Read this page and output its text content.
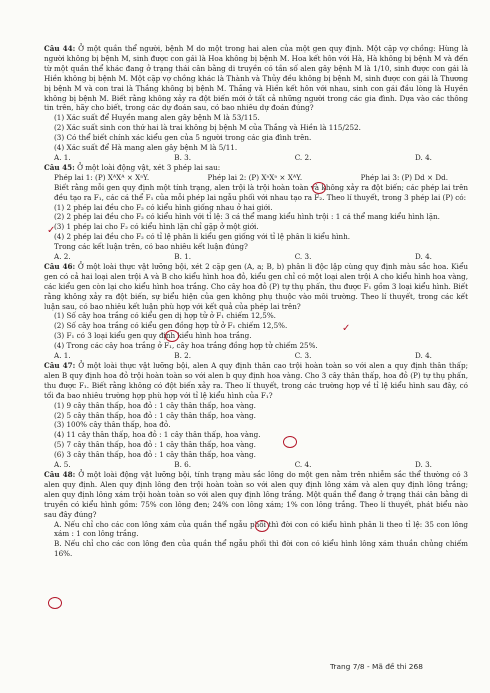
Câu 44: Ở một quần thể người, bệnh M do một trong hai alen của một gen quy định. Một cặp vợ chồng: Hùng là người không bị bệnh M, sinh được con gái là Hoa không bị bệnh M. Hoa kết hôn với Hà, Hà không bị bệnh M và đến từ một quần thể khác đang ở trạng thái cân bằng di truyền có tần số alen gây bệnh M là 1/10, sinh được con gái là Hiền không bị bệnh M. Một cặp vợ chồng khác là Thành và Thủy đều không bị bệnh M, sinh được con gái là Thương bị bệnh M và con trai là Thắng không bị bệnh M. Thắng và Hiền kết hôn với nhau, sinh con gái đầu lòng là Huyền không bị bệnh M. Biết rằng không xảy ra đột biến mới ở tất cả những người trong các gia đình. Dựa vào các thông tin trên, hãy cho biết, trong các dự đoán sau, có bao nhiêu dự đoán đúng?

(1) Xác suất để Huyền mang alen gây bệnh M là 53/115.

(2) Xác suất sinh con thứ hai là trai không bị bệnh M của Thắng và Hiền là 115/252.

(3) Có thể biết chính xác kiểu gen của 5 người trong các gia đình trên.

(4) Xác suất để Hà mang alen gây bệnh M là 5/11.

A. 1.	B. 3.	C. 2.	D. 4.

Câu 45: Ở một loài động vật, xét 3 phép lai sau:

Phép lai 1: (P) XᴬXᴬ × XᵃY.	Phép lai 2: (P) XᵃXᵃ × XᴬY.	Phép lai 3: (P) Dd × Dd.

Biết rằng mỗi gen quy định một tính trạng, alen trội là trội hoàn toàn và không xảy ra đột biến; các phép lai trên đều tạo ra F₁, các cá thể F₁ của mỗi phép lai ngẫu phối với nhau tạo ra F₂. Theo lí thuyết, trong 3 phép lai (P) có:

(1) 2 phép lai đều cho F₂ có kiểu hình giống nhau ở hai giới.

(2) 2 phép lai đều cho F₂ có kiểu hình với tỉ lệ: 3 cá thể mang kiểu hình trội : 1 cá thể mang kiểu hình lặn.

(3) 1 phép lai cho F₂ có kiểu hình lặn chỉ gặp ở một giới.

(4) 2 phép lai đều cho F₂ có tỉ lệ phân li kiểu gen giống với tỉ lệ phân li kiểu hình.

Trong các kết luận trên, có bao nhiêu kết luận đúng?

A. 2.	B. 1.	C. 3.	D. 4.

Câu 46: Ở một loài thực vật lưỡng bội, xét 2 cặp gen (A, a; B, b) phân li độc lập cùng quy định màu sắc hoa. Kiểu gen có cả hai loại alen trội A và B cho kiểu hình hoa đỏ, kiểu gen chỉ có một loại alen trội A cho kiểu hình hoa vàng, các kiểu gen còn lại cho kiểu hình hoa trắng. Cho cây hoa đỏ (P) tự thụ phấn, thu được F₁ gồm 3 loại kiểu hình. Biết rằng không xảy ra đột biến, sự biểu hiện của gen không phụ thuộc vào môi trường. Theo lí thuyết, trong các kết luận sau, có bao nhiêu kết luận phù hợp với kết quả của phép lai trên?

(1) Số cây hoa trắng có kiểu gen dị hợp tử ở F₁ chiếm 12,5%.

(2) Số cây hoa trắng có kiểu gen đồng hợp tử ở F₁ chiếm 12,5%.

(3) F₁ có 3 loại kiểu gen quy định kiểu hình hoa trắng.

(4) Trong các cây hoa trắng ở F₁, cây hoa trắng đồng hợp tử chiếm 25%.

A. 1.	B. 2.	C. 3.	D. 4.

Câu 47: Ở một loài thực vật lưỡng bội, alen A quy định thân cao trội hoàn toàn so với alen a quy định thân thấp; alen B quy định hoa đỏ trội hoàn toàn so với alen b quy định hoa vàng. Cho 3 cây thân thấp, hoa đỏ (P) tự thụ phấn, thu được F₁. Biết rằng không có đột biến xảy ra. Theo lí thuyết, trong các trường hợp về tỉ lệ kiểu hình sau đây, có tối đa bao nhiêu trường hợp phù hợp với tỉ lệ kiểu hình của F₁?

(1) 9 cây thân thấp, hoa đỏ : 1 cây thân thấp, hoa vàng.

(2) 5 cây thân thấp, hoa đỏ : 1 cây thân thấp, hoa vàng.

(3) 100% cây thân thấp, hoa đỏ.

(4) 11 cây thân thấp, hoa đỏ : 1 cây thân thấp, hoa vàng.

(5) 7 cây thân thấp, hoa đỏ : 1 cây thân thấp, hoa vàng.

(6) 3 cây thân thấp, hoa đỏ : 1 cây thân thấp, hoa vàng.

A. 5.	B. 6.	C. 4.	D. 3.

Câu 48: Ở một loài động vật lưỡng bội, tính trạng màu sắc lông do một gen nằm trên nhiễm sắc thể thường có 3 alen quy định. Alen quy định lông đen trội hoàn toàn so với alen quy định lông xám và alen quy định lông trắng; alen quy định lông xám trội hoàn toàn so với alen quy định lông trắng. Một quần thể đang ở trạng thái cân bằng di truyền có kiểu hình gồm: 75% con lông đen; 24% con lông xám; 1% con lông trắng. Theo lí thuyết, phát biểu nào sau đây đúng?

A. Nếu chỉ cho các con lông xám của quần thể ngẫu phối thì đời con có kiểu hình phân li theo tỉ lệ: 35 con lông xám : 1 con lông trắng.

B. Nếu chỉ cho các con lông đen của quần thể ngẫu phối thì đời con có kiểu hình lông xám thuần chủng chiếm 16%.

✓
✓
Trang 7/8 - Mã đề thi 268
